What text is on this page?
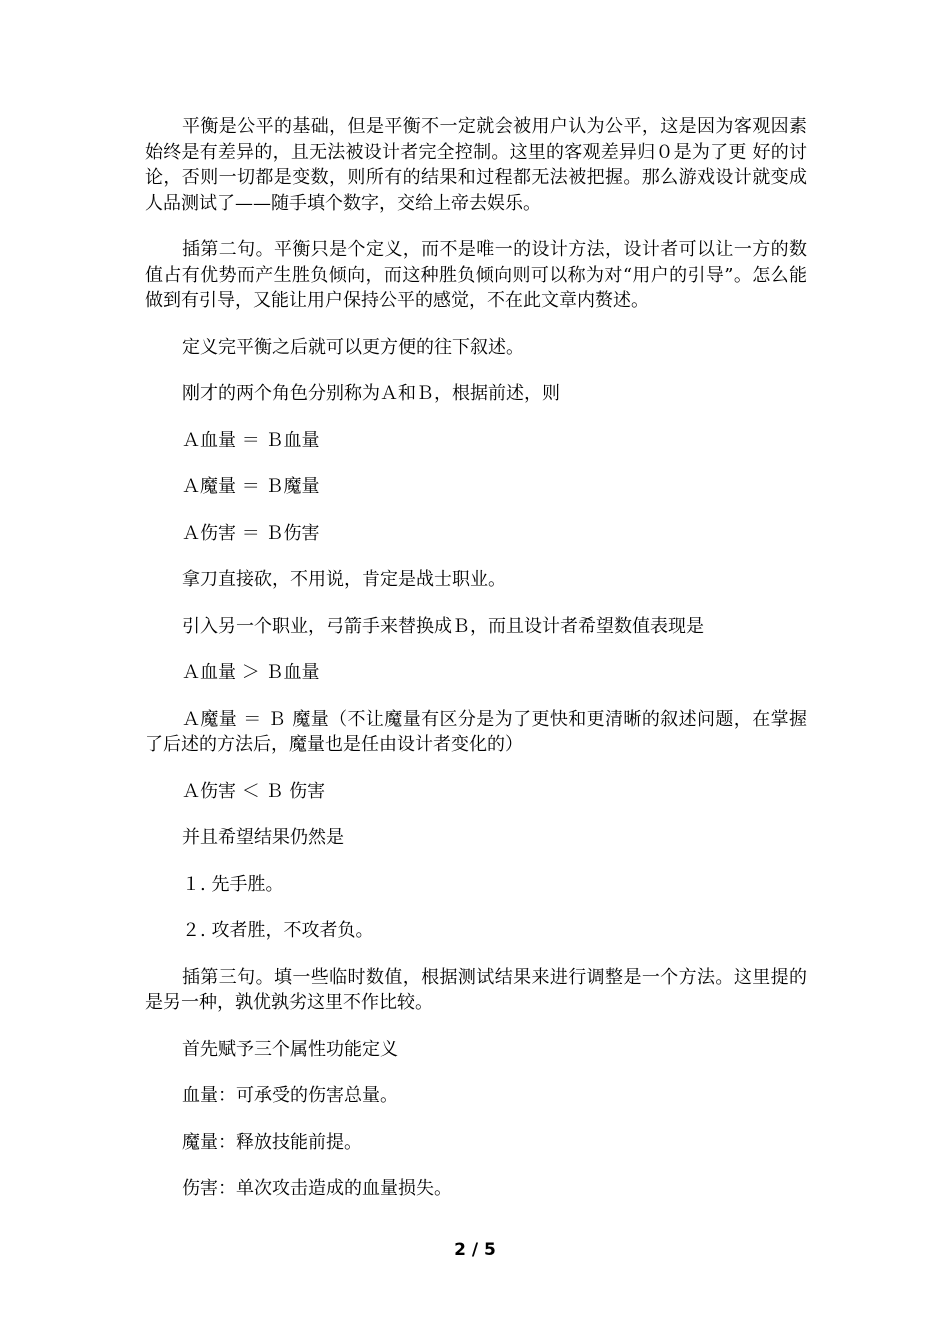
平衡是公平的基础，但是平衡不一定就会被用户认为公平，这是因为客观因素始终是有差异的，且无法被设计者完全控制。这里的客观差异归０是为了更 好的讨论，否则一切都是变数，则所有的结果和过程都无法被把握。那么游戏设计就变成人品测试了——随手填个数字，交给上帝去娱乐。

插第二句。平衡只是个定义，而不是唯一的设计方法，设计者可以让一方的数值占有优势而产生胜负倾向，而这种胜负倾向则可以称为对“用户的引导”。怎么能做到有引导，又能让用户保持公平的感觉，不在此文章内赘述。

定义完平衡之后就可以更方便的往下叙述。

刚才的两个角色分别称为Ａ和Ｂ，根据前述，则

Ａ血量 ＝ Ｂ血量

Ａ魔量 ＝ Ｂ魔量

Ａ伤害 ＝ Ｂ伤害

拿刀直接砍，不用说，肯定是战士职业。

引入另一个职业，弓箭手来替换成Ｂ，而且设计者希望数值表现是

Ａ血量 ＞ Ｂ血量

Ａ魔量 ＝ Ｂ 魔量（不让魔量有区分是为了更快和更清晰的叙述问题，在掌握了后述的方法后，魔量也是任由设计者变化的）

Ａ伤害 ＜ Ｂ 伤害

并且希望结果仍然是

１. 先手胜。

２. 攻者胜，不攻者负。

插第三句。填一些临时数值，根据测试结果来进行调整是一个方法。这里提的是另一种，孰优孰劣这里不作比较。

首先赋予三个属性功能定义

血量：可承受的伤害总量。

魔量：释放技能前提。

伤害：单次攻击造成的血量损失。

2 / 5
